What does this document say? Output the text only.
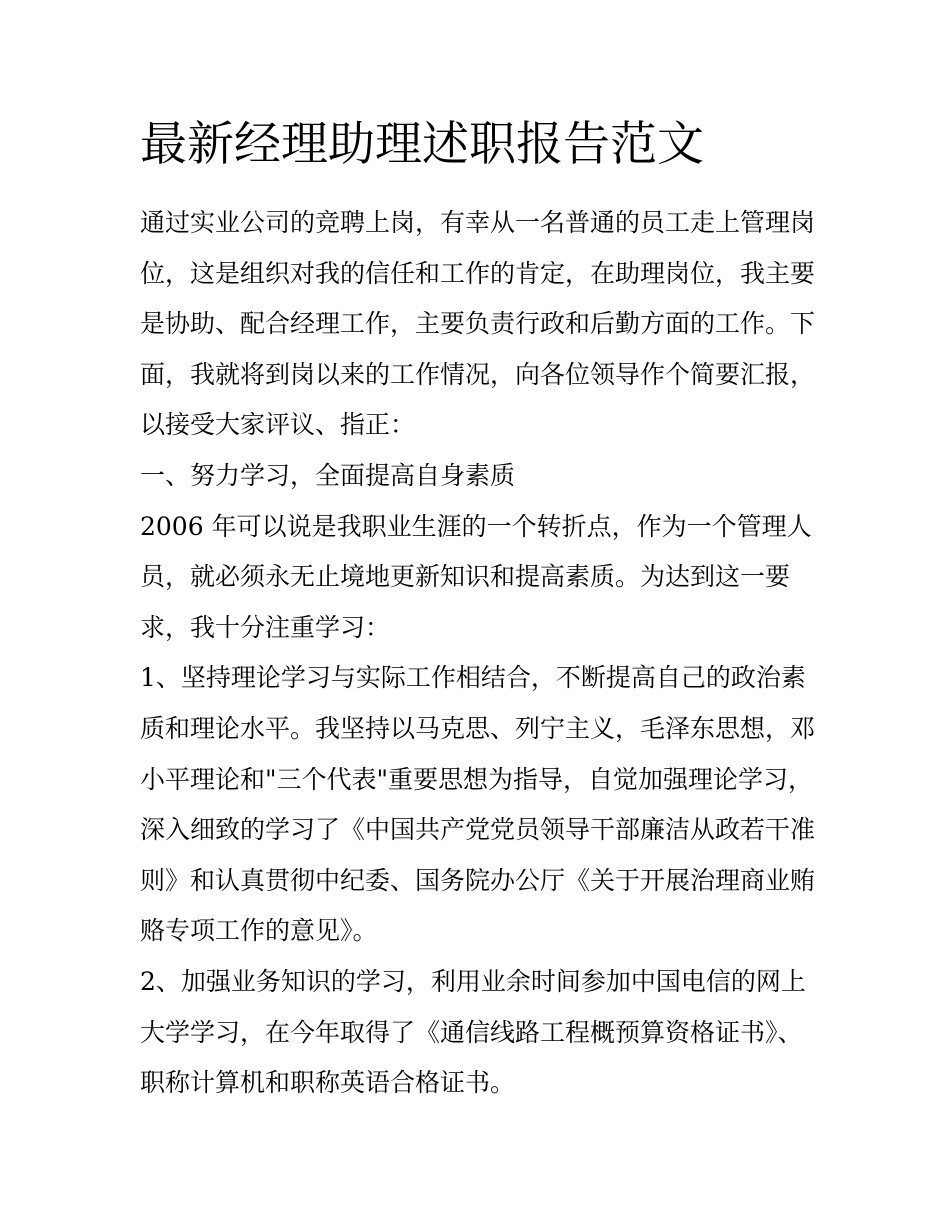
最新经理助理述职报告范文
通过实业公司的竞聘上岗，有幸从一名普通的员工走上管理岗
位，这是组织对我的信任和工作的肯定，在助理岗位，我主要
是协助、配合经理工作，主要负责行政和后勤方面的工作。下
面，我就将到岗以来的工作情况，向各位领导作个简要汇报，
以接受大家评议、指正：
一、努力学习，全面提高自身素质
2006 年可以说是我职业生涯的一个转折点，作为一个管理人
员，就必须永无止境地更新知识和提高素质。为达到这一要
求，我十分注重学习：
1、坚持理论学习与实际工作相结合，不断提高自己的政治素
质和理论水平。我坚持以马克思、列宁主义，毛泽东思想，邓
小平理论和"三个代表"重要思想为指导，自觉加强理论学习，
深入细致的学习了《中国共产党党员领导干部廉洁从政若干准
则》和认真贯彻中纪委、国务院办公厅《关于开展治理商业贿
赂专项工作的意见》。
2、加强业务知识的学习，利用业余时间参加中国电信的网上
大学学习，在今年取得了《通信线路工程概预算资格证书》、
职称计算机和职称英语合格证书。
